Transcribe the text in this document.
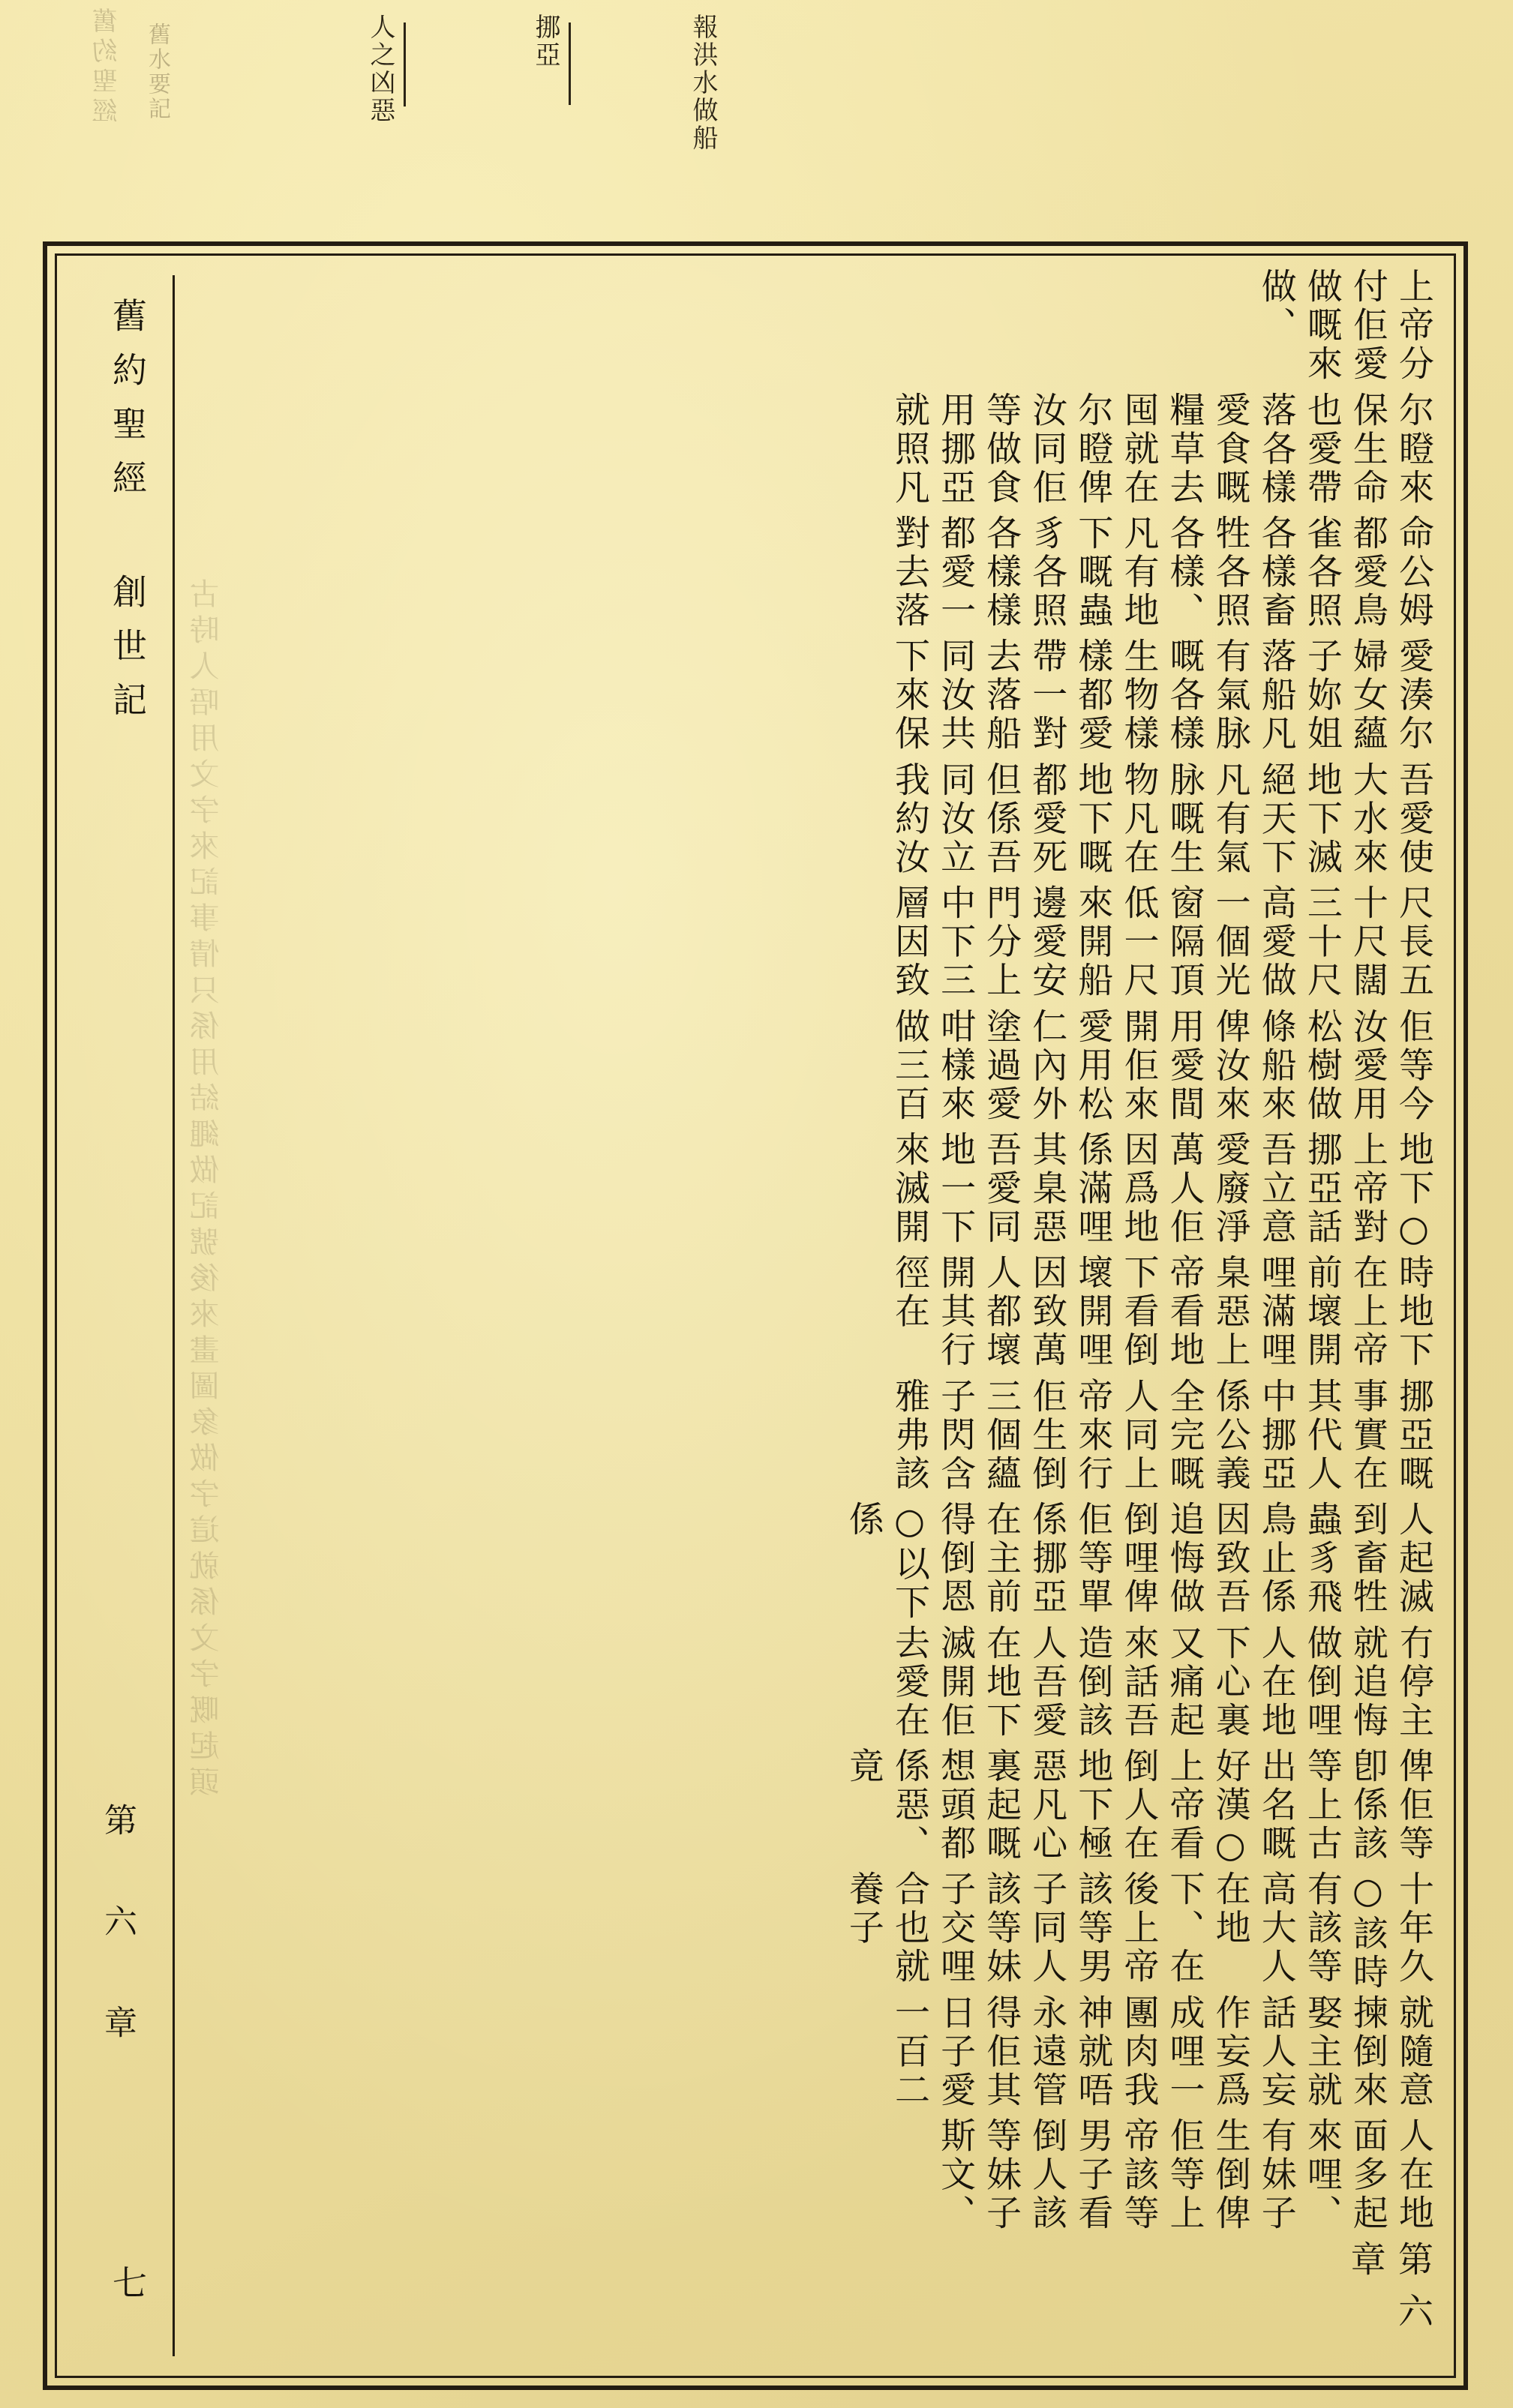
舊約聖經 舊水要記	人之凶惡	挪亞	報洪水做船
古時人唔用文字來記事情只係用結繩做記號後來畫圖象做字這就係文字嘅起頭
舊約聖經 創世記
七	第六章
人在地面多起來哩、有妹子生倒俾佢等上帝該等男子看倒人該等妹子斯文、
就隨意揀倒來娶主就話人妄作妄爲成哩一團肉我神就唔永遠管得佢其日子愛一百二
十年久○該時有該等高大人在地下、在後上帝該等男子同人該等妹子交哩合也就養子
俾佢等卽係該等上古出名嘅好漢○上帝看倒人在地下極惡凡心裏起嘅想頭都係惡、竟
冇停主就追悔做倒哩人在地下心裏又痛起來話吾造倒該人吾愛在地下滅開佢去愛在
人起滅到畜牲蟲豸飛鳥止係因致吾追悔做倒哩俾佢等單係挪亞在主前得倒恩○以下係
挪亞嘅事實在其代人中挪亞係公義全完嘅人同上帝來行佢生倒三個蘊子閃含雅弗該
時地下在上帝前壞開哩滿哩臬惡上帝看地下看倒壞開哩因致萬人都壞開其行徑在
地下○上帝對挪亞話吾立意愛廢淨萬人佢因爲地係滿哩其臬惡吾愛同地一下來滅開
佢等今汝愛用松樹做條船來俾汝來用愛間開佢來愛用松仁內外塗過愛咁樣來做三百
尺長五十尺闊三十尺高愛做一個光窗隔頂低一尺來開船邊愛安門分上中下三層因致
吾愛使大水來地下滅絕天下凡有氣脉嘅生物凡在地下嘅都愛死但係吾同汝立我約汝
愛湊尔婦女蘊子妳姐落船凡有氣脉嘅各樣生物樣樣都愛帶一對去落船同汝共下來保
命公姆都愛鳥雀各照各樣畜牲各照各樣、凡有地下嘅蟲豸各照各樣樣都愛一對去落
尔瞪來保生命也愛帶落各樣愛食嘅糧草去囤就在尔瞪俾汝同佢等做食用挪亞就照凡
上帝分付佢愛做嘅來做、
第 六 章
